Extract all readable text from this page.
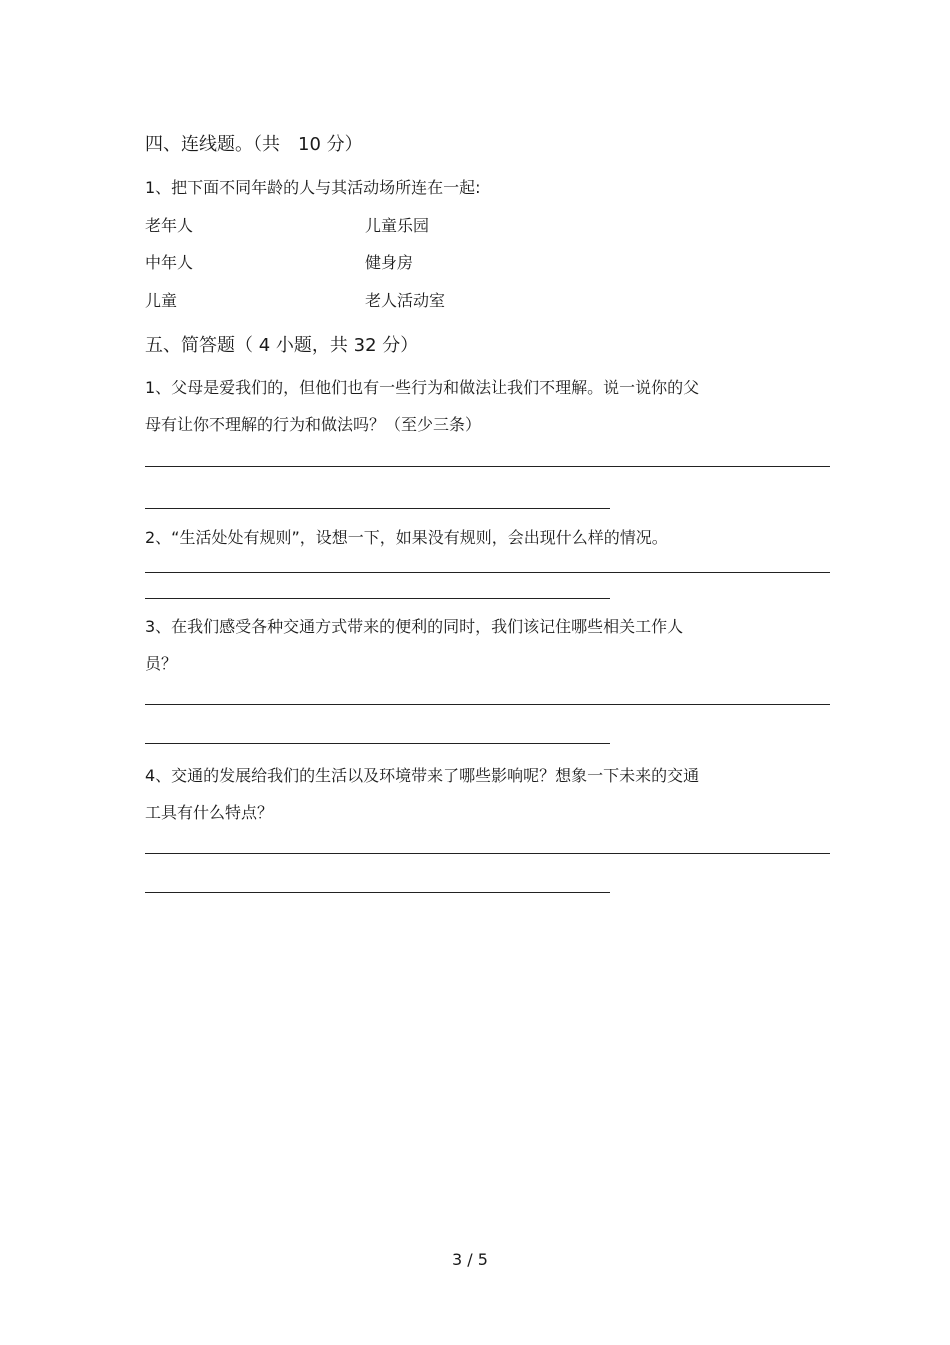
四、连线题。（共　10 分）
1、把下面不同年龄的人与其活动场所连在一起:
老年人	儿童乐园
中年人	健身房
儿童	老人活动室
五、简答题（ 4 小题，共 32 分）
1、父母是爱我们的，但他们也有一些行为和做法让我们不理解。说一说你的父
母有让你不理解的行为和做法吗？（至少三条）
2、“生活处处有规则”，设想一下，如果没有规则，会出现什么样的情况。
3、在我们感受各种交通方式带来的便利的同时，我们该记住哪些相关工作人
员？
4、交通的发展给我们的生活以及环境带来了哪些影响呢？想象一下未来的交通
工具有什么特点？
3 / 5
